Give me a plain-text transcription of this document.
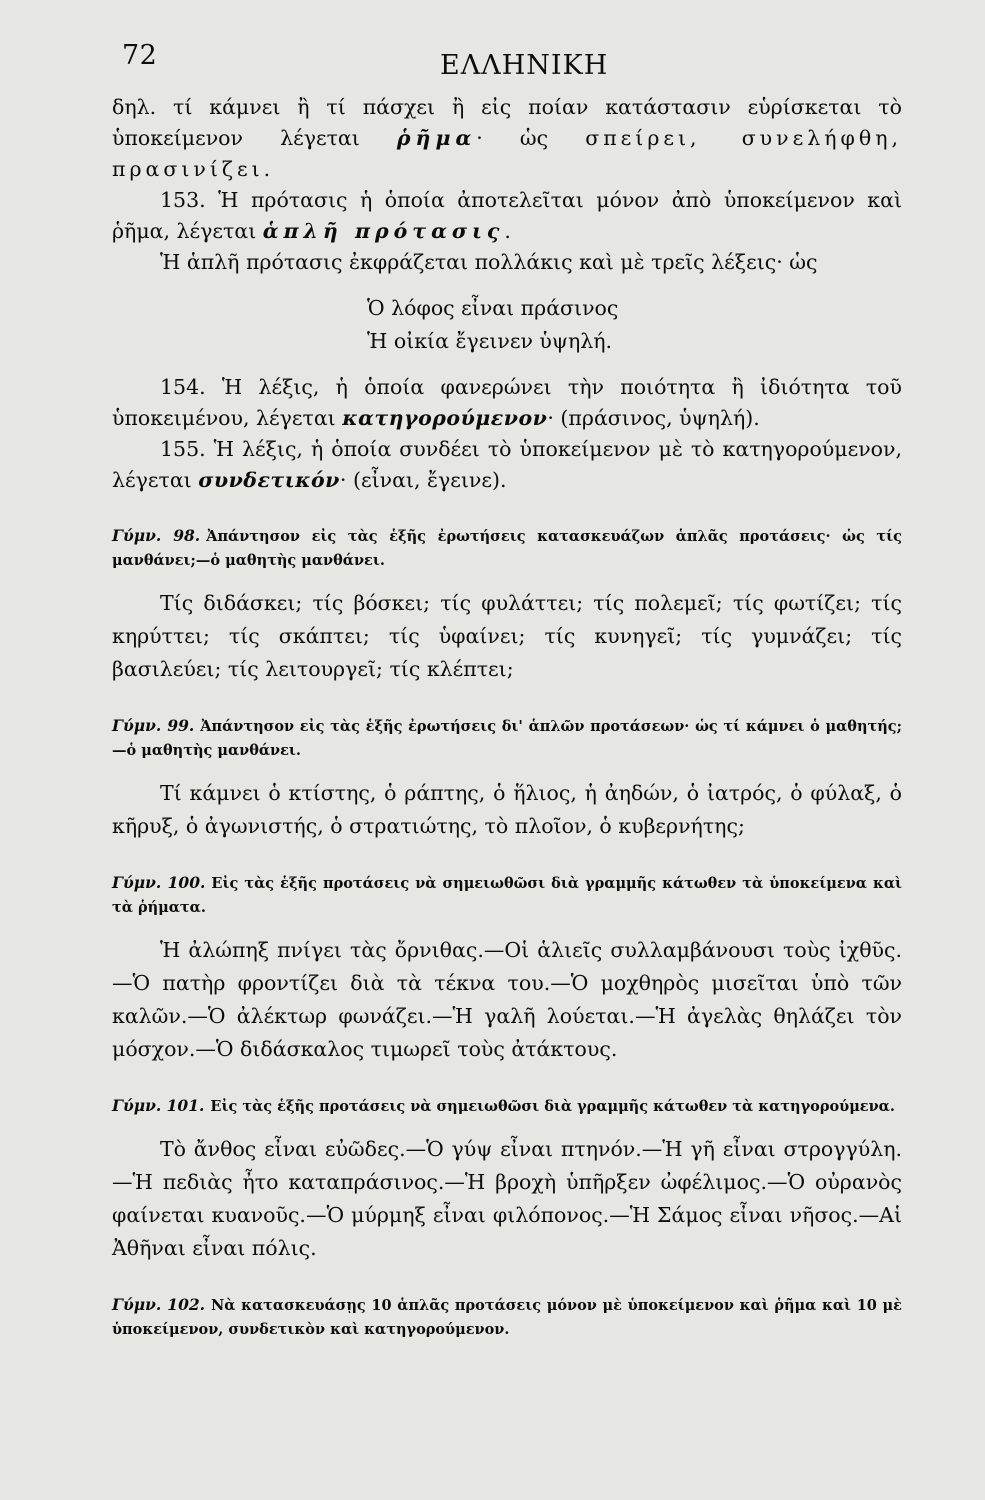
72	ΕΛΛΗΝΙΚΗ

δηλ. τί κάμνει ἢ τί πάσχει ἢ εἰς ποίαν κατάστασιν εὑρίσκεται τὸ ὑποκείμενον λέγεται ῥῆμα· ὡς σπείρει, συνελήφθη, πρασινίζει.

153. Ἡ πρότασις ἡ ὁποία ἀποτελεῖται μόνον ἀπὸ ὑποκείμενον καὶ ῥῆμα, λέγεται ἁπλῆ πρότασις.

Ἡ ἁπλῆ πρότασις ἐκφράζεται πολλάκις καὶ μὲ τρεῖς λέξεις· ὡς

Ὁ λόφος εἶναι πράσινος
Ἡ οἰκία ἔγεινεν ὑψηλή.

154. Ἡ λέξις, ἡ ὁποία φανερώνει τὴν ποιότητα ἢ ἰδιότητα τοῦ ὑποκειμένου, λέγεται κατηγορούμενον· (πράσινος, ὑψηλή).

155. Ἡ λέξις, ἡ ὁποία συνδέει τὸ ὑποκείμενον μὲ τὸ κατηγορούμενον, λέγεται συνδετικόν· (εἶναι, ἔγεινε).

Γύμν. 98. Ἀπάντησον εἰς τὰς ἑξῆς ἐρωτήσεις κατασκευάζων ἁπλᾶς προτάσεις· ὡς τίς μανθάνει;—ὁ μαθητὴς μανθάνει.

Τίς διδάσκει; τίς βόσκει; τίς φυλάττει; τίς πολεμεῖ; τίς φωτίζει; τίς κηρύττει; τίς σκάπτει; τίς ὑφαίνει; τίς κυνηγεῖ; τίς γυμνάζει; τίς βασιλεύει; τίς λειτουργεῖ; τίς κλέπτει;

Γύμν. 99. Ἀπάντησον εἰς τὰς ἑξῆς ἐρωτήσεις δι' ἁπλῶν προτάσεων· ὡς τί κάμνει ὁ μαθητής;—ὁ μαθητὴς μανθάνει.

Τί κάμνει ὁ κτίστης, ὁ ράπτης, ὁ ἥλιος, ἡ ἀηδών, ὁ ἰατρός, ὁ φύλαξ, ὁ κῆρυξ, ὁ ἀγωνιστής, ὁ στρατιώτης, τὸ πλοῖον, ὁ κυβερνήτης;

Γύμν. 100. Εἰς τὰς ἑξῆς προτάσεις νὰ σημειωθῶσι διὰ γραμμῆς κάτωθεν τὰ ὑποκείμενα καὶ τὰ ῥήματα.

Ἡ ἀλώπηξ πνίγει τὰς ὄρνιθας.—Οἱ ἁλιεῖς συλλαμβάνουσι τοὺς ἰχθῦς.—Ὁ πατὴρ φροντίζει διὰ τὰ τέκνα του.—Ὁ μοχθηρὸς μισεῖται ὑπὸ τῶν καλῶν.—Ὁ ἀλέκτωρ φωνάζει.—Ἡ γαλῆ λούεται.—Ἡ ἀγελὰς θηλάζει τὸν μόσχον.—Ὁ διδάσκαλος τιμωρεῖ τοὺς ἀτάκτους.

Γύμν. 101. Εἰς τὰς ἑξῆς προτάσεις νὰ σημειωθῶσι διὰ γραμμῆς κάτωθεν τὰ κατηγορούμενα.

Τὸ ἄνθος εἶναι εὐῶδες.—Ὁ γύψ εἶναι πτηνόν.—Ἡ γῆ εἶναι στρογγύλη.—Ἡ πεδιὰς ἦτο καταπράσινος.—Ἡ βροχὴ ὑπῆρξεν ὠφέλιμος.—Ὁ οὐρανὸς φαίνεται κυανοῦς.—Ὁ μύρμηξ εἶναι φιλόπονος.—Ἡ Σάμος εἶναι νῆσος.—Αἱ Ἀθῆναι εἶναι πόλις.

Γύμν. 102. Νὰ κατασκευάσῃς 10 ἁπλᾶς προτάσεις μόνον μὲ ὑποκείμενον καὶ ῥῆμα καὶ 10 μὲ ὑποκείμενον, συνδετικὸν καὶ κατηγορούμενον.
